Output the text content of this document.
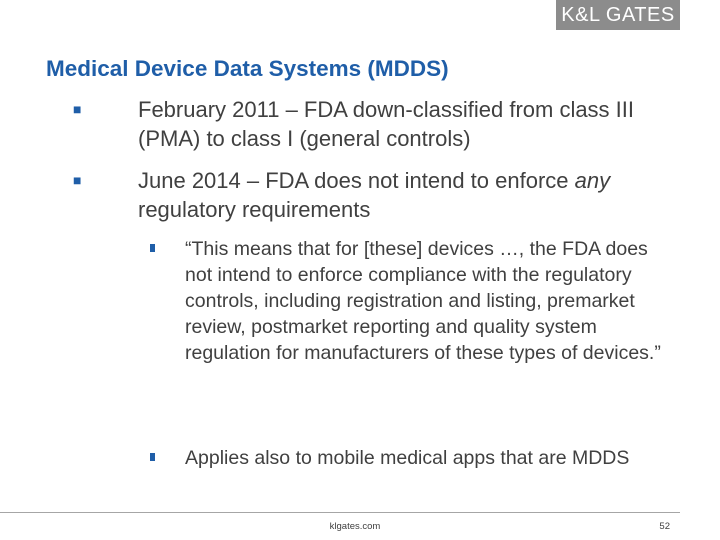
K&L GATES
Medical Device Data Systems (MDDS)
■	February 2011 – FDA down-classified from class III (PMA) to class I (general controls)
■	June 2014 – FDA does not intend to enforce any regulatory requirements
“This means that for [these] devices …, the FDA does not intend to enforce compliance with the regulatory controls, including registration and listing, premarket review, postmarket reporting and quality system regulation for manufacturers of these types of devices.”
Applies also to mobile medical apps that are MDDS
klgates.com	52
